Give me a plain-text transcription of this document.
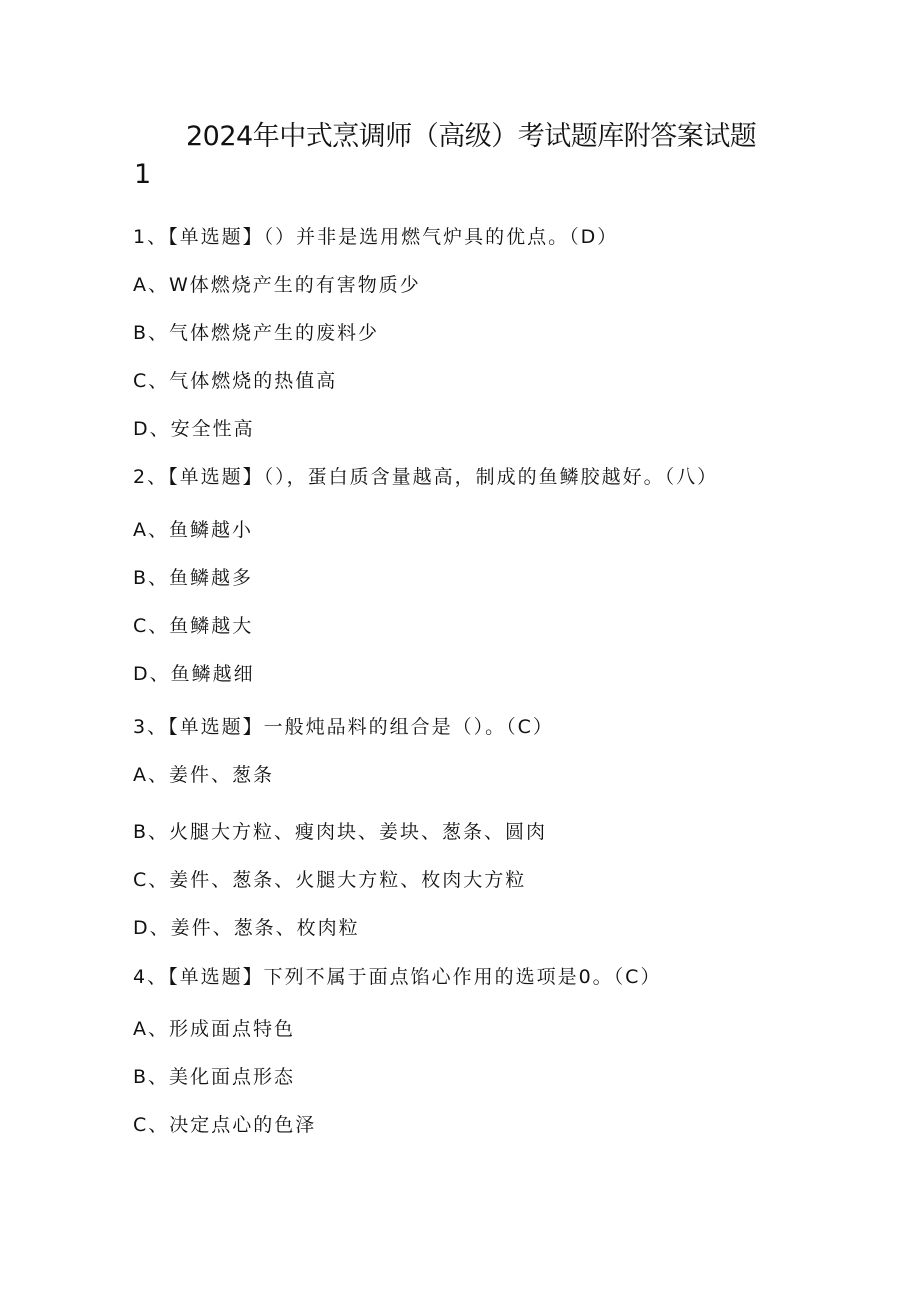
2024年中式烹调师（高级）考试题库附答案试题
1
1、【单选题】（）并非是选用燃气炉具的优点。（D）
A、W体燃烧产生的有害物质少
B、气体燃烧产生的废料少
C、气体燃烧的热值高
D、安全性高
2、【单选题】（），蛋白质含量越高，制成的鱼鳞胶越好。（八）
A、鱼鳞越小
B、鱼鳞越多
C、鱼鳞越大
D、鱼鳞越细
3、【单选题】一般炖品料的组合是（）。（C）
A、姜件、葱条
B、火腿大方粒、瘦肉块、姜块、葱条、圆肉
C、姜件、葱条、火腿大方粒、枚肉大方粒
D、姜件、葱条、枚肉粒
4、【单选题】下列不属于面点馅心作用的选项是0。（C）
A、形成面点特色
B、美化面点形态
C、决定点心的色泽
